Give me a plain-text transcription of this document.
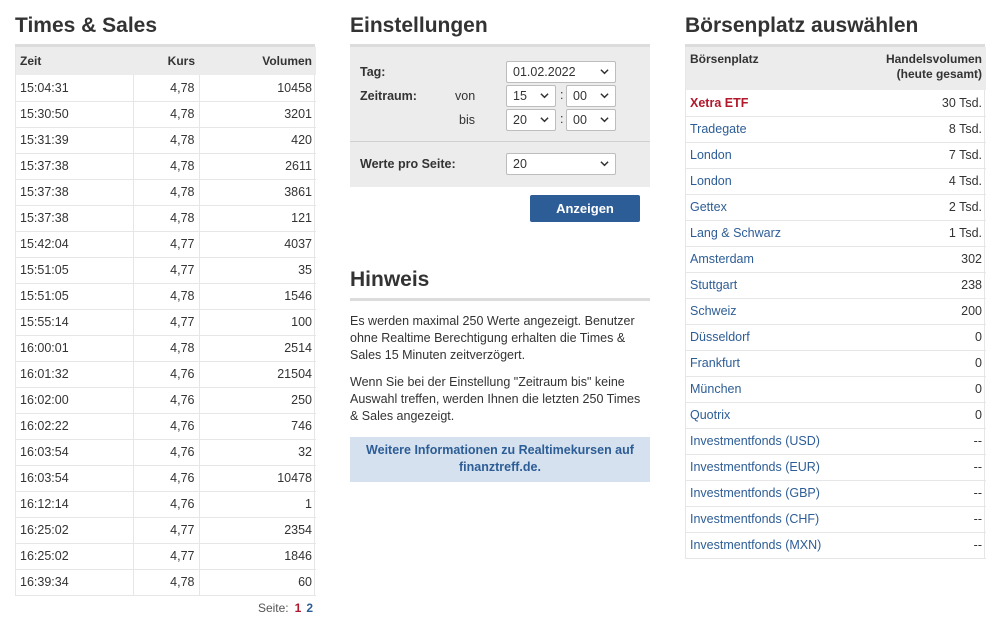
Times & Sales
Zeit	Kurs	Volumen
15:04:31	4,78	10458
15:30:50	4,78	3201
15:31:39	4,78	420
15:37:38	4,78	2611
15:37:38	4,78	3861
15:37:38	4,78	121
15:42:04	4,77	4037
15:51:05	4,77	35
15:51:05	4,78	1546
15:55:14	4,77	100
16:00:01	4,78	2514
16:01:32	4,76	21504
16:02:00	4,76	250
16:02:22	4,76	746
16:03:54	4,76	32
16:03:54	4,76	10478
16:12:14	4,76	1
16:25:02	4,77	2354
16:25:02	4,77	1846
16:39:34	4,78	60
Seite: 1 2
Einstellungen
Tag:	01.02.2022
Zeitraum:	von	15	: 00
bis	20	: 00
Werte pro Seite:	20
Anzeigen
Hinweis

Es werden maximal 250 Werte angezeigt. Benutzer ohne Realtime Berechtigung erhalten die Times & Sales 15 Minuten zeitverzögert.

Wenn Sie bei der Einstellung "Zeitraum bis" keine Auswahl treffen, werden Ihnen die letzten 250 Times & Sales angezeigt.

Weitere Informationen zu Realtimekursen auf finanztreff.de.
Börsenplatz auswählen
Börsenplatz	Handelsvolumen
(heute gesamt)
Xetra ETF	30 Tsd.
Tradegate	8 Tsd.
London	7 Tsd.
London	4 Tsd.
Gettex	2 Tsd.
Lang & Schwarz	1 Tsd.
Amsterdam	302
Stuttgart	238
Schweiz	200
Düsseldorf	0
Frankfurt	0
München	0
Quotrix	0
Investmentfonds (USD)	--
Investmentfonds (EUR)	--
Investmentfonds (GBP)	--
Investmentfonds (CHF)	--
Investmentfonds (MXN)	--
